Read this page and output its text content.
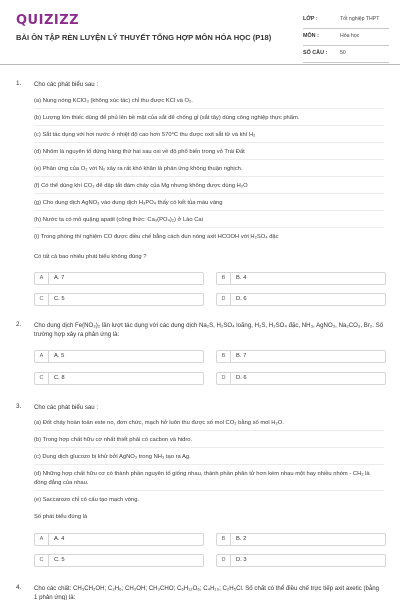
QUIZIZZ
BÀI ÔN TẬP RÈN LUYỆN LÝ THUYẾT TỔNG HỢP MÔN HÓA HỌC (P18)
LỚP :	Tốt nghiệp THPT
MÔN :	Hóa học
SỐ CÂU : 50
1. Cho các phát biểu sau :
(a) Nung nóng KClO₃ (không xúc tác) chỉ thu được KCl và O₂.
(b) Lượng lớn thiếc dùng để phủ lên bề mặt của sắt để chống gỉ (sắt tây) dùng công nghiệp thực phẩm.
(c) Sắt tác dụng với hơi nước ở nhiệt độ cao hơn 570°C thu được oxit sắt từ và khí H₂
(d) Nhôm là nguyên tố đứng hàng thứ hai sau oxi về độ phổ biến trong vỏ Trái Đất
(e) Phản ứng của O₂ với N₂ xảy ra rất khó khăn là phản ứng không thuận nghịch.
(f) Có thể dùng khí CO₂ để dập tắt đám cháy của Mg nhưng không được dùng H₂O
(g) Cho dung dịch AgNO₃ vào dung dịch H₃PO₄ thấy có kết tủa màu vàng
(h) Nước ta có mỏ quặng apatit (công thức: Ca₃(PO₄)₂) ở Lào Cai
(i) Trong phòng thí nghiệm CO được điều chế bằng cách đun nóng axit HCOOH với H₂SO₄ đặc
Có tất cả bao nhiêu phát biểu không đúng ?
A	A. 7	B	B. 4
C	C. 5	D	D. 6
2. Cho dung dịch Fe(NO₃)₂ lần lượt tác dụng với các dung dịch Na₂S, H₂SO₄ loãng, H₂S, H₂SO₄ đặc, NH₃, AgNO₃, Na₂CO₃, Br₂. Số trường hợp xảy ra phản ứng là:
A	A. 5	B	B. 7
C	C. 8	D	D. 6
3. Cho các phát biểu sau :
(a) Đốt cháy hoàn toàn este no, đơn chức, mạch hở luôn thu được số mol CO₂ bằng số mol H₂O.
(b) Trong hợp chất hữu cơ nhất thiết phải có cacbon và hidro.
(c) Dung dịch glucozo bị khử bởi AgNO₃ trong NH₃ tạo ra Ag.
(d) Những hợp chất hữu cơ có thành phần nguyên tố giống nhau, thành phần phân tử hơn kém nhau một hay nhiều nhóm - CH₂ là đồng đẳng của nhau.
(e) Saccarozo chỉ có cấu tạo mạch vòng.
Số phát biểu đúng là
A	A. 4	B	B. 2
C	C. 5	D	D. 3
4. Cho các chất: CH₃CH₂OH; C₂H₆; CH₃OH; CH₃CHO; C₆H₁₂O₆; C₄H₁₀; C₂H₅Cl. Số chất có thể điều chế trực tiếp axit axetic (bằng 1 phản ứng) là:
